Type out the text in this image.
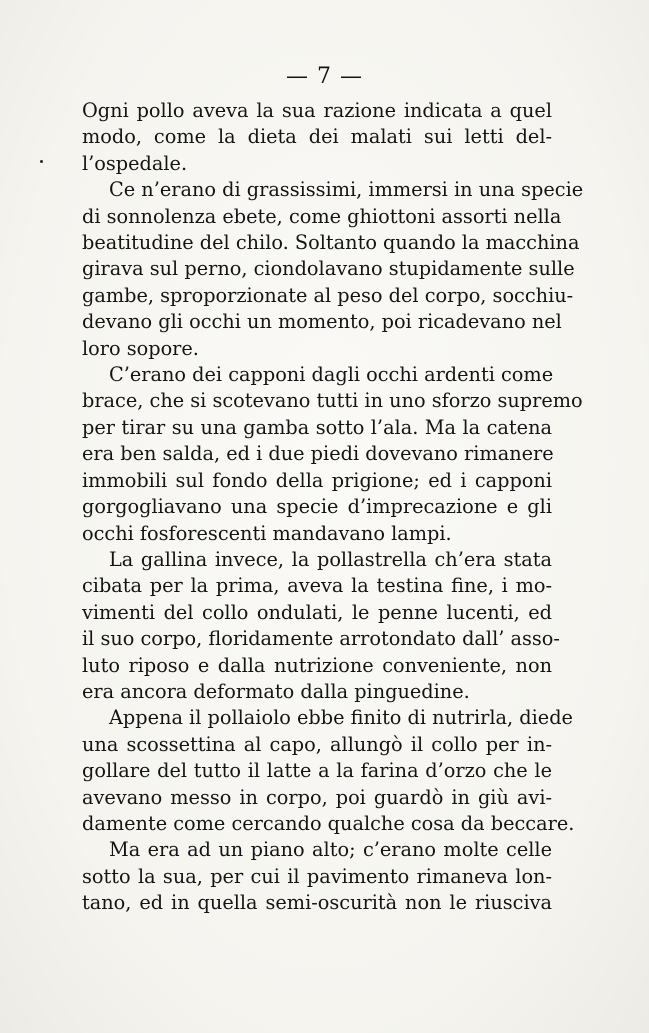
— 7 —

Ogni pollo aveva la sua razione indicata a quel
modo, come la dieta dei malati sui letti del-
l’ospedale.

Ce n’erano di grassissimi, immersi in una specie
di sonnolenza ebete, come ghiottoni assorti nella
beatitudine del chilo. Soltanto quando la macchina
girava sul perno, ciondolavano stupidamente sulle
gambe, sproporzionate al peso del corpo, socchiu-
devano gli occhi un momento, poi ricadevano nel
loro sopore.

C’erano dei capponi dagli occhi ardenti come
brace, che si scotevano tutti in uno sforzo supremo
per tirar su una gamba sotto l’ala. Ma la catena
era ben salda, ed i due piedi dovevano rimanere
immobili sul fondo della prigione; ed i capponi
gorgogliavano una specie d’imprecazione e gli
occhi fosforescenti mandavano lampi.

La gallina invece, la pollastrella ch’era stata
cibata per la prima, aveva la testina fine, i mo-
vimenti del collo ondulati, le penne lucenti, ed
il suo corpo, floridamente arrotondato dall’ asso-
luto riposo e dalla nutrizione conveniente, non
era ancora deformato dalla pinguedine.

Appena il pollaiolo ebbe finito di nutrirla, diede
una scossettina al capo, allungò il collo per in-
gollare del tutto il latte a la farina d’orzo che le
avevano messo in corpo, poi guardò in giù avi-
damente come cercando qualche cosa da beccare.

Ma era ad un piano alto; c’erano molte celle
sotto la sua, per cui il pavimento rimaneva lon-
tano, ed in quella semi-oscurità non le riusciva
